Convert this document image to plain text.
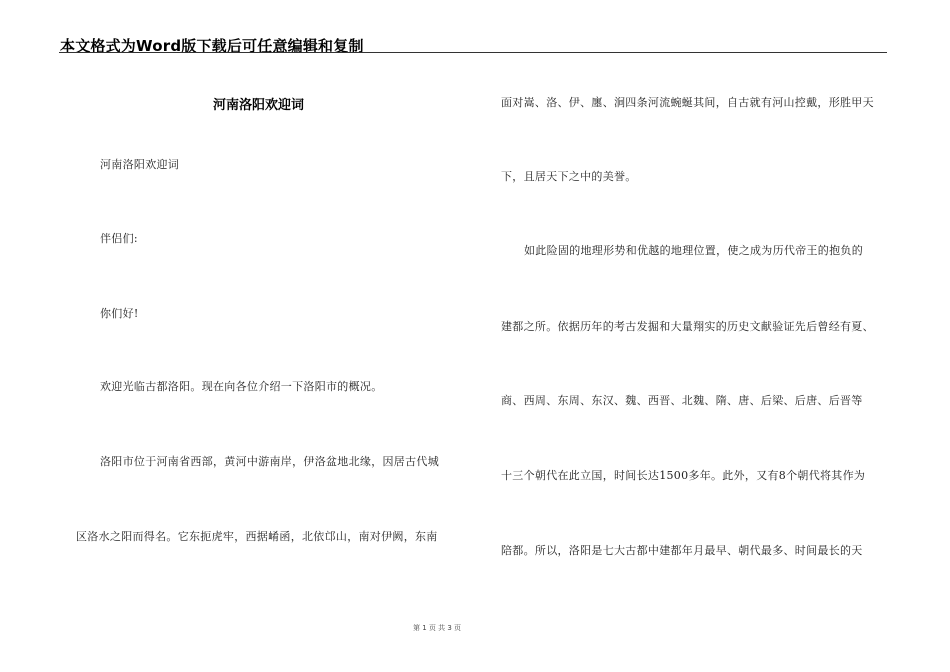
本文格式为Word版下载后可任意编辑和复制
河南洛阳欢迎词
河南洛阳欢迎词
伴侣们:
你们好!
欢迎光临古都洛阳。现在向各位介绍一下洛阳市的概况。
洛阳市位于河南省西部，黄河中游南岸，伊洛盆地北缘，因居古代城
区洛水之阳而得名。它东扼虎牢，西据崤函，北依邙山，南对伊阙，东南
面对嵩、洛、伊、廛、涧四条河流蜿蜒其间，自古就有河山控戴，形胜甲天
下，且居天下之中的美誉。
如此险固的地理形势和优越的地理位置，使之成为历代帝王的抱负的
建都之所。依据历年的考古发掘和大量翔实的历史文献验证先后曾经有夏、
商、西周、东周、东汉、魏、西晋、北魏、隋、唐、后梁、后唐、后晋等
十三个朝代在此立国，时间长达1500多年。此外，又有8个朝代将其作为
陪都。所以，洛阳是七大古都中建都年月最早、朝代最多、时间最长的天
第 1 页 共 3 页
